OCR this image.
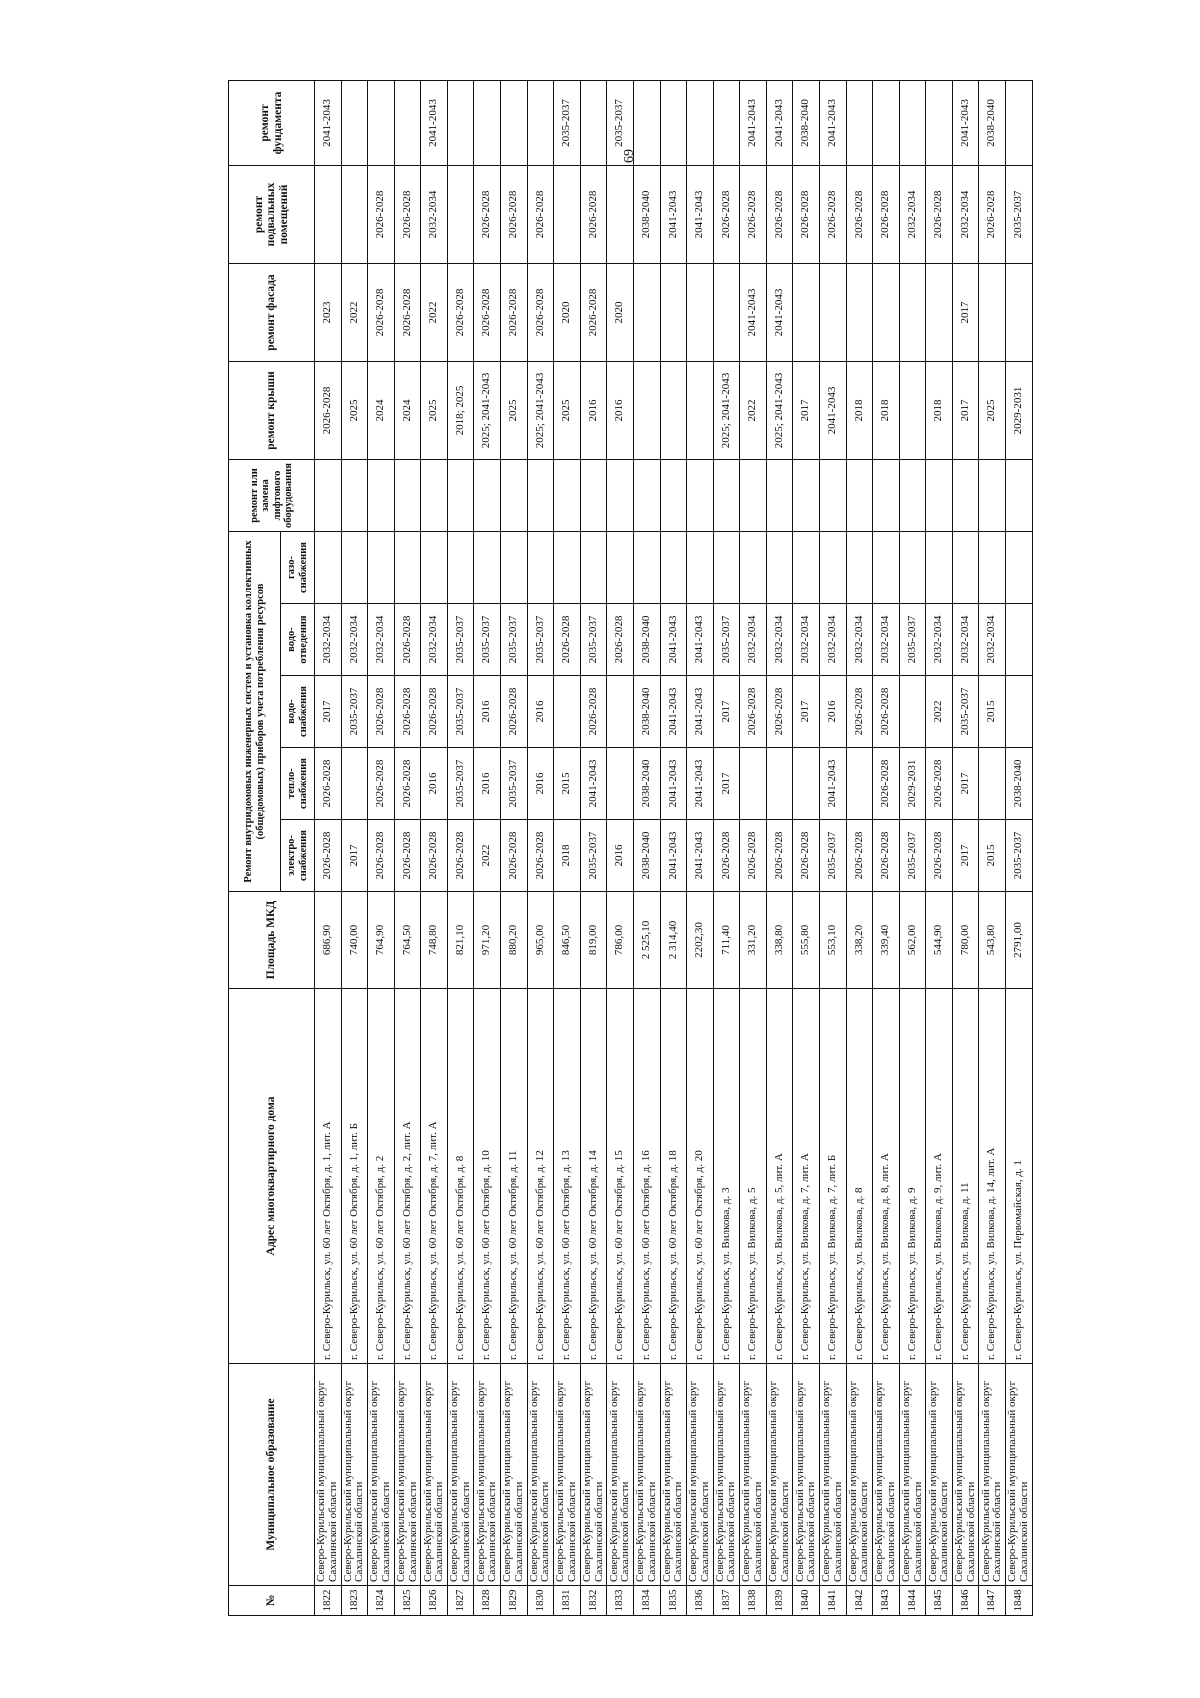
69
№	Муниципальное образование	Адрес многоквартирного дома	Площадь МКД	Ремонт внутридомовых инженерных систем и установка коллективных (общедомовых) приборов учета потребления ресурсов					ремонт или замена лифтового оборудования	ремонт крыши	ремонт фасада	ремонт подвальных помещений	ремонт фундамента
				электро-снабжения	тепло-снабжения	водо-снабжения	водо-отведения	газо-снабжения					
1822	Северо-Курильский муниципальный округ Сахалинской области	г. Северо-Курильск, ул. 60 лет Октября, д. 1, лит. А	686,90	2026-2028	2026-2028	2017	2032-2034			2026-2028	2023		2041-2043
1823	Северо-Курильский муниципальный округ Сахалинской области	г. Северо-Курильск, ул. 60 лет Октября, д. 1, лит. Б	740,00	2017		2035-2037	2032-2034			2025	2022		
1824	Северо-Курильский муниципальный округ Сахалинской области	г. Северо-Курильск, ул. 60 лет Октября, д. 2	764,90	2026-2028	2026-2028	2026-2028	2032-2034			2024	2026-2028	2026-2028	
1825	Северо-Курильский муниципальный округ Сахалинской области	г. Северо-Курильск, ул. 60 лет Октября, д. 2, лит. А	764,50	2026-2028	2026-2028	2026-2028	2026-2028			2024	2026-2028	2026-2028	
1826	Северо-Курильский муниципальный округ Сахалинской области	г. Северо-Курильск, ул. 60 лет Октября, д. 7, лит. А	748,80	2026-2028	2016	2026-2028	2032-2034			2025	2022	2032-2034	2041-2043
1827	Северо-Курильский муниципальный округ Сахалинской области	г. Северо-Курильск, ул. 60 лет Октября, д. 8	821,10	2026-2028	2035-2037	2035-2037	2035-2037			2018; 2025	2026-2028		
1828	Северо-Курильский муниципальный округ Сахалинской области	г. Северо-Курильск, ул. 60 лет Октября, д. 10	971,20	2022	2016	2016	2035-2037			2025; 2041-2043	2026-2028	2026-2028	
1829	Северо-Курильский муниципальный округ Сахалинской области	г. Северо-Курильск, ул. 60 лет Октября, д. 11	880,20	2026-2028	2035-2037	2026-2028	2035-2037			2025	2026-2028	2026-2028	
1830	Северо-Курильский муниципальный округ Сахалинской области	г. Северо-Курильск, ул. 60 лет Октября, д. 12	965,00	2026-2028	2016	2016	2035-2037			2025; 2041-2043	2026-2028	2026-2028	
1831	Северо-Курильский муниципальный округ Сахалинской области	г. Северо-Курильск, ул. 60 лет Октября, д. 13	846,50	2018	2015		2026-2028			2025	2020		2035-2037
1832	Северо-Курильский муниципальный округ Сахалинской области	г. Северо-Курильск, ул. 60 лет Октября, д. 14	819,00	2035-2037	2041-2043	2026-2028	2035-2037			2016	2026-2028	2026-2028	
1833	Северо-Курильский муниципальный округ Сахалинской области	г. Северо-Курильск, ул. 60 лет Октября, д. 15	786,00	2016			2026-2028			2016	2020		2035-2037
1834	Северо-Курильский муниципальный округ Сахалинской области	г. Северо-Курильск, ул. 60 лет Октября, д. 16	2 525,10	2038-2040	2038-2040	2038-2040	2038-2040					2038-2040	
1835	Северо-Курильский муниципальный округ Сахалинской области	г. Северо-Курильск, ул. 60 лет Октября, д. 18	2 314,40	2041-2043	2041-2043	2041-2043	2041-2043					2041-2043	
1836	Северо-Курильский муниципальный округ Сахалинской области	г. Северо-Курильск, ул. 60 лет Октября, д. 20	2202,30	2041-2043	2041-2043	2041-2043	2041-2043					2041-2043	
1837	Северо-Курильский муниципальный округ Сахалинской области	г. Северо-Курильск, ул. Вилкова, д. 3	711,40	2026-2028	2017	2017	2035-2037			2025; 2041-2043		2026-2028	
1838	Северо-Курильский муниципальный округ Сахалинской области	г. Северо-Курильск, ул. Вилкова, д. 5	331,20	2026-2028		2026-2028	2032-2034			2022	2041-2043	2026-2028	2041-2043
1839	Северо-Курильский муниципальный округ Сахалинской области	г. Северо-Курильск, ул. Вилкова, д. 5, лит. А	338,80	2026-2028		2026-2028	2032-2034			2025; 2041-2043	2041-2043	2026-2028	2041-2043
1840	Северо-Курильский муниципальный округ Сахалинской области	г. Северо-Курильск, ул. Вилкова, д. 7, лит. А	555,80	2026-2028		2017	2032-2034			2017		2026-2028	2038-2040
1841	Северо-Курильский муниципальный округ Сахалинской области	г. Северо-Курильск, ул. Вилкова, д. 7, лит. Б	553,10	2035-2037	2041-2043	2016	2032-2034			2041-2043		2026-2028	2041-2043
1842	Северо-Курильский муниципальный округ Сахалинской области	г. Северо-Курильск, ул. Вилкова, д. 8	338,20	2026-2028		2026-2028	2032-2034			2018		2026-2028	
1843	Северо-Курильский муниципальный округ Сахалинской области	г. Северо-Курильск, ул. Вилкова, д. 8, лит. А	339,40	2026-2028	2026-2028	2026-2028	2032-2034			2018		2026-2028	
1844	Северо-Курильский муниципальный округ Сахалинской области	г. Северо-Курильск, ул. Вилкова, д. 9	562,00	2035-2037	2029-2031		2035-2037					2032-2034	
1845	Северо-Курильский муниципальный округ Сахалинской области	г. Северо-Курильск, ул. Вилкова, д. 9, лит. А	544,90	2026-2028	2026-2028	2022	2032-2034			2018		2026-2028	
1846	Северо-Курильский муниципальный округ Сахалинской области	г. Северо-Курильск, ул. Вилкова, д. 11	780,00	2017	2017	2035-2037	2032-2034			2017	2017	2032-2034	2041-2043
1847	Северо-Курильский муниципальный округ Сахалинской области	г. Северо-Курильск, ул. Вилкова, д. 14, лит. А	543,80	2015		2015	2032-2034			2025		2026-2028	2038-2040
1848	Северо-Курильский муниципальный округ Сахалинской области	г. Северо-Курильск, ул. Первомайская, д. 1	2791,00	2035-2037	2038-2040					2029-2031		2035-2037	
